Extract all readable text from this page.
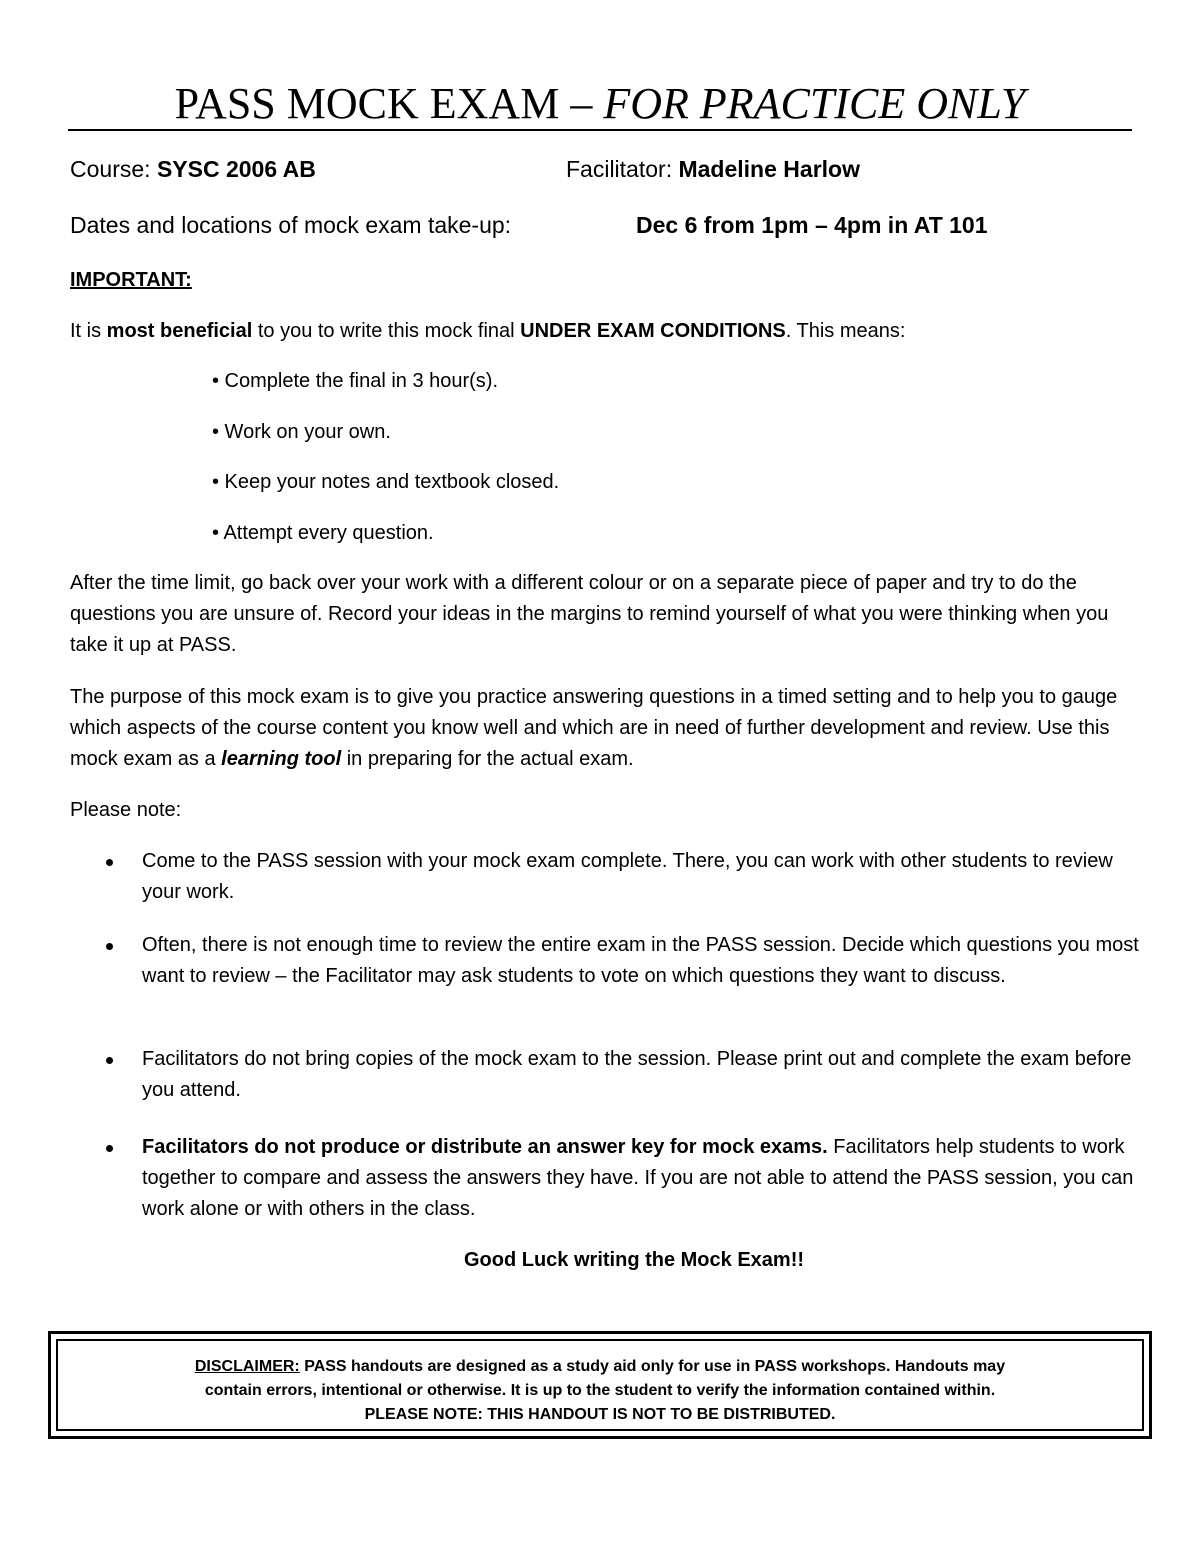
PASS MOCK EXAM – FOR PRACTICE ONLY
Course: SYSC 2006 AB	Facilitator: Madeline Harlow
Dates and locations of mock exam take-up:	Dec 6 from 1pm – 4pm in AT 101
IMPORTANT:
It is most beneficial to you to write this mock final UNDER EXAM CONDITIONS. This means:
• Complete the final in 3 hour(s).
• Work on your own.
• Keep your notes and textbook closed.
• Attempt every question.
After the time limit, go back over your work with a different colour or on a separate piece of paper and try to do the questions you are unsure of. Record your ideas in the margins to remind yourself of what you were thinking when you take it up at PASS.
The purpose of this mock exam is to give you practice answering questions in a timed setting and to help you to gauge which aspects of the course content you know well and which are in need of further development and review. Use this mock exam as a learning tool in preparing for the actual exam.
Please note:
Come to the PASS session with your mock exam complete. There, you can work with other students to review your work.
Often, there is not enough time to review the entire exam in the PASS session. Decide which questions you most want to review – the Facilitator may ask students to vote on which questions they want to discuss.
Facilitators do not bring copies of the mock exam to the session. Please print out and complete the exam before you attend.
Facilitators do not produce or distribute an answer key for mock exams. Facilitators help students to work together to compare and assess the answers they have. If you are not able to attend the PASS session, you can work alone or with others in the class.
Good Luck writing the Mock Exam!!
DISCLAIMER: PASS handouts are designed as a study aid only for use in PASS workshops. Handouts may
contain errors, intentional or otherwise. It is up to the student to verify the information contained within.
PLEASE NOTE: THIS HANDOUT IS NOT TO BE DISTRIBUTED.
